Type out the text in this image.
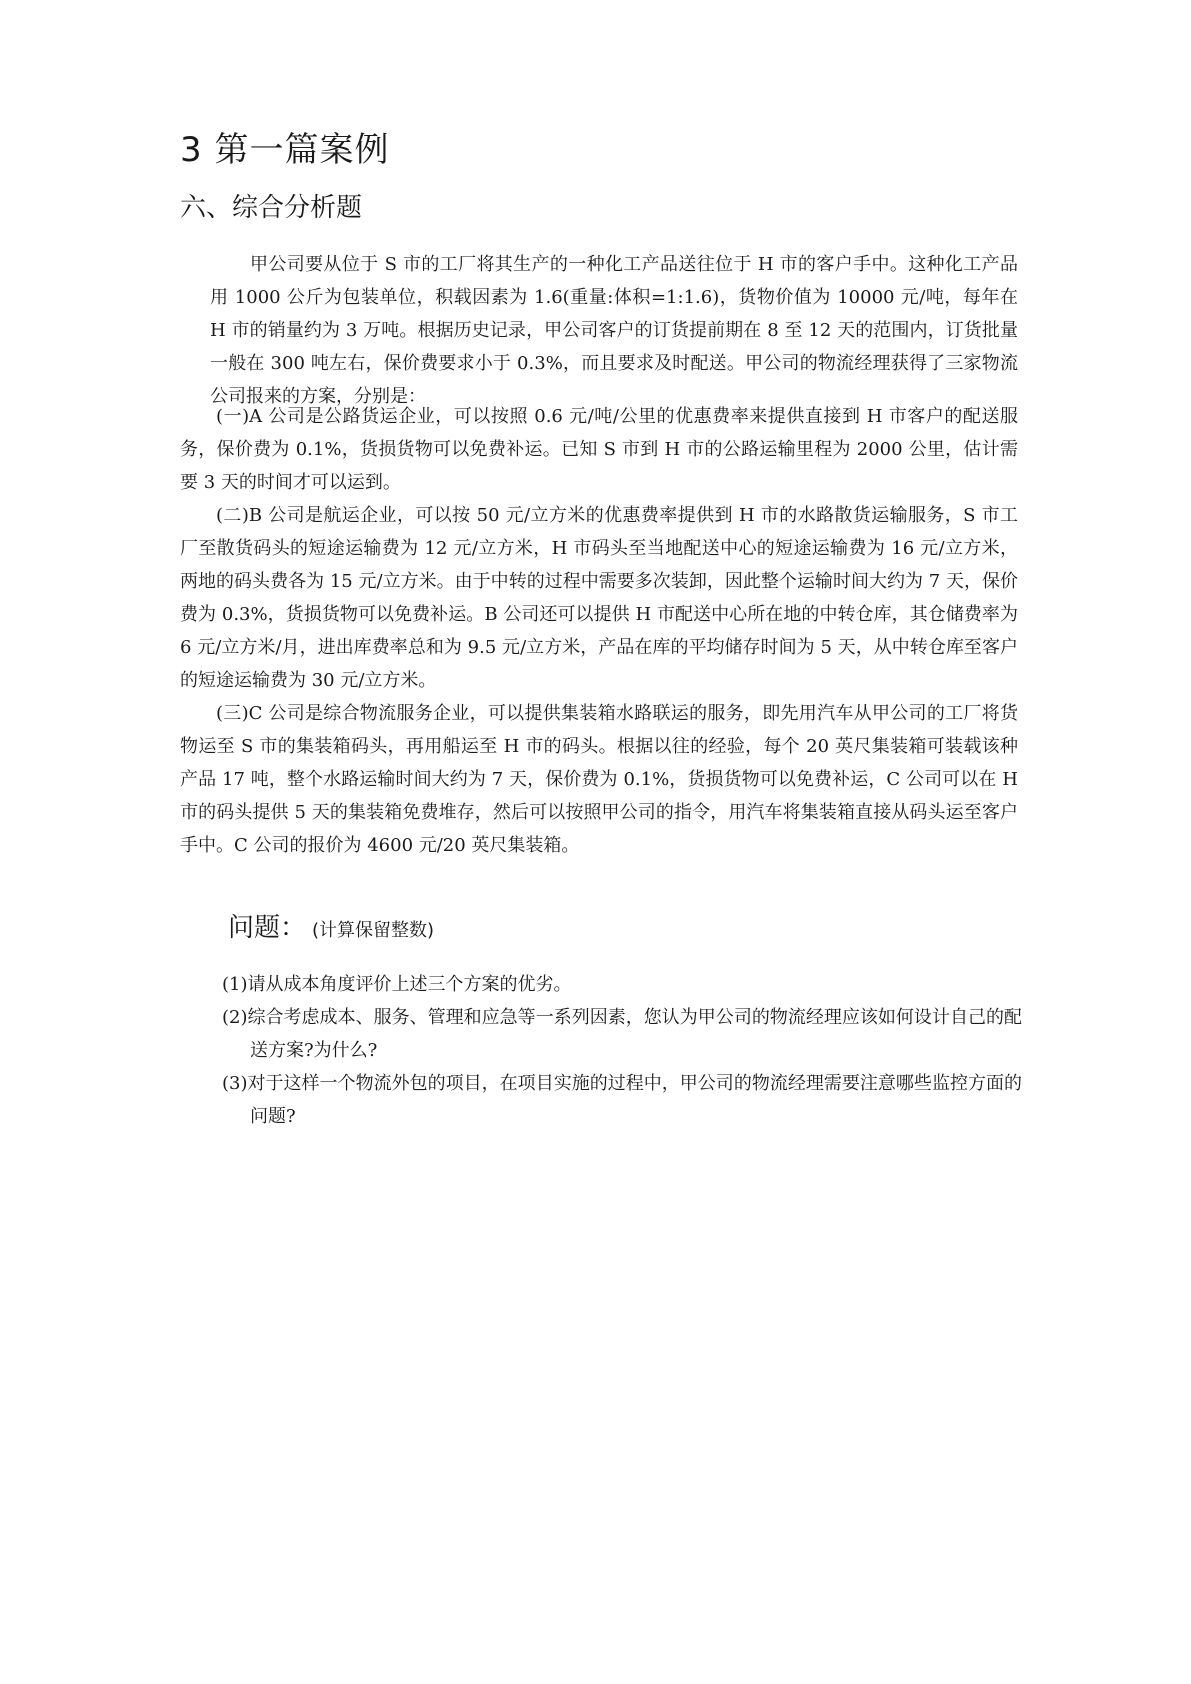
3 第一篇案例
六、综合分析题

甲公司要从位于 S 市的工厂将其生产的一种化工产品送往位于 H 市的客户手中。这种化工产品用 1000 公斤为包装单位，积载因素为 1.6(重量:体积=1:1.6)，货物价值为 10000 元/吨，每年在 H 市的销量约为 3 万吨。根据历史记录，甲公司客户的订货提前期在 8 至 12 天的范围内，订货批量一般在 300 吨左右，保价费要求小于 0.3%，而且要求及时配送。甲公司的物流经理获得了三家物流公司报来的方案，分别是：

(一)A 公司是公路货运企业，可以按照 0.6 元/吨/公里的优惠费率来提供直接到 H 市客户的配送服务，保价费为 0.1%，货损货物可以免费补运。已知 S 市到 H 市的公路运输里程为 2000 公里，估计需要 3 天的时间才可以运到。

(二)B 公司是航运企业，可以按 50 元/立方米的优惠费率提供到 H 市的水路散货运输服务，S 市工厂至散货码头的短途运输费为 12 元/立方米，H 市码头至当地配送中心的短途运输费为 16 元/立方米，两地的码头费各为 15 元/立方米。由于中转的过程中需要多次装卸，因此整个运输时间大约为 7 天，保价费为 0.3%，货损货物可以免费补运。B 公司还可以提供 H 市配送中心所在地的中转仓库，其仓储费率为 6 元/立方米/月，进出库费率总和为 9.5 元/立方米，产品在库的平均储存时间为 5 天，从中转仓库至客户的短途运输费为 30 元/立方米。

(三)C 公司是综合物流服务企业，可以提供集装箱水路联运的服务，即先用汽车从甲公司的工厂将货物运至 S 市的集装箱码头，再用船运至 H 市的码头。根据以往的经验，每个 20 英尺集装箱可装载该种产品 17 吨，整个水路运输时间大约为 7 天，保价费为 0.1%，货损货物可以免费补运，C 公司可以在 H 市的码头提供 5 天的集装箱免费堆存，然后可以按照甲公司的指令，用汽车将集装箱直接从码头运至客户手中。C 公司的报价为 4600 元/20 英尺集装箱。

问题： (计算保留整数)
(1)请从成本角度评价上述三个方案的优劣。
(2)综合考虑成本、服务、管理和应急等一系列因素，您认为甲公司的物流经理应该如何设计自己的配送方案?为什么?
(3)对于这样一个物流外包的项目，在项目实施的过程中，甲公司的物流经理需要注意哪些监控方面的问题?
